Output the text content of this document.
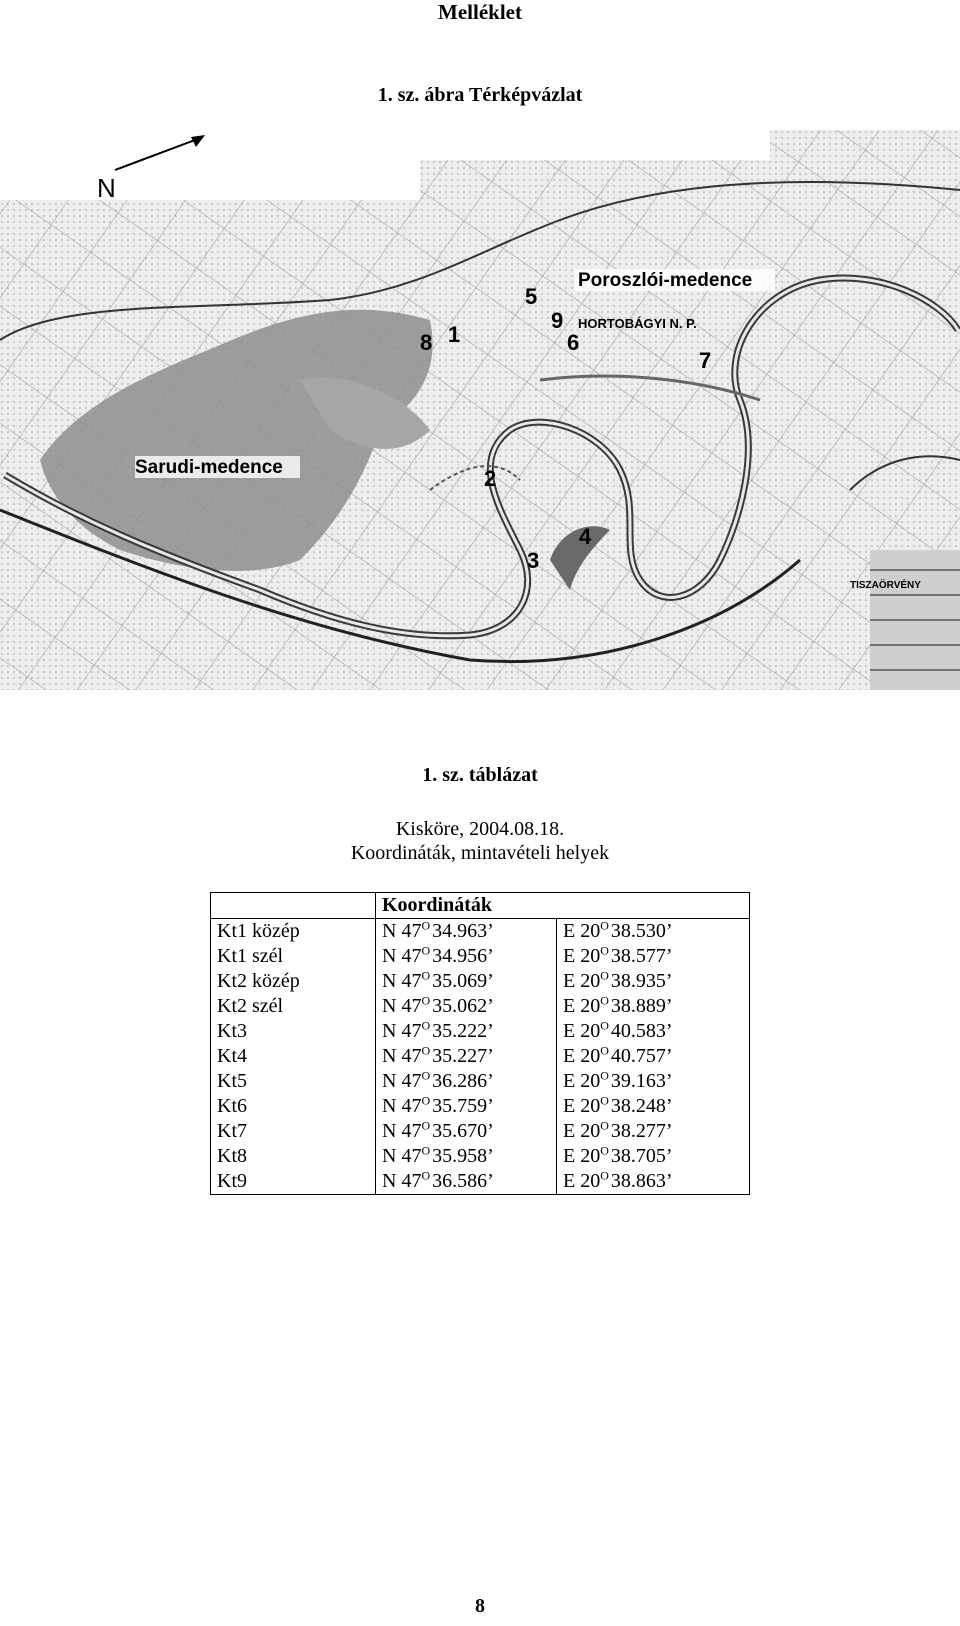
Melléklet
1. sz. ábra Térképvázlat
N
TISZAÖRVÉNY
HORTOBÁGYI N. P.
Sarudi-medence
Poroszlói-medence
1
2
3
4
5
6
7
8
9
1. sz. táblázat
Kisköre, 2004.08.18.
Koordináták, mintavételi helyek
	Koordináták	
Kt1 közép	N $47^O$ 34.963’	E $20^O$ 38.530’
Kt1 szél	N $47^O$ 34.956’	E $20^O$ 38.577’
Kt2 közép	N $47^O$ 35.069’	E $20^O$ 38.935’
Kt2 szél	N $47^O$ 35.062’	E $20^O$ 38.889’
Kt3	N $47^O$ 35.222’	E $20^O$ 40.583’
Kt4	N $47^O$ 35.227’	E $20^O$ 40.757’
Kt5	N $47^O$ 36.286’	E $20^O$ 39.163’
Kt6	N $47^O$ 35.759’	E $20^O$ 38.248’
Kt7	N $47^O$ 35.670’	E $20^O$ 38.277’
Kt8	N $47^O$ 35.958’	E $20^O$ 38.705’
Kt9	N $47^O$ 36.586’	E $20^O$ 38.863’
8
